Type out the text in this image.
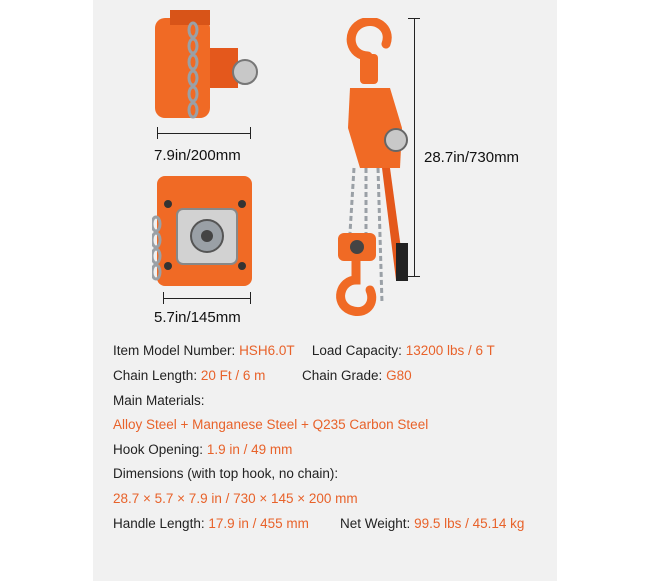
7.9in/200mm
5.7in/145mm
28.7in/730mm
Item Model Number: HSH6.0T Load Capacity: 13200 lbs / 6 T
Chain Length: 20 Ft / 6 m	Chain Grade: G80
Main Materials:
Alloy Steel + Manganese Steel + Q235 Carbon Steel
Hook Opening: 1.9 in / 49 mm
Dimensions (with top hook, no chain):
28.7 × 5.7 × 7.9 in / 730 × 145 × 200 mm
Handle Length: 17.9 in / 455 mm Net Weight: 99.5 lbs / 45.14 kg
